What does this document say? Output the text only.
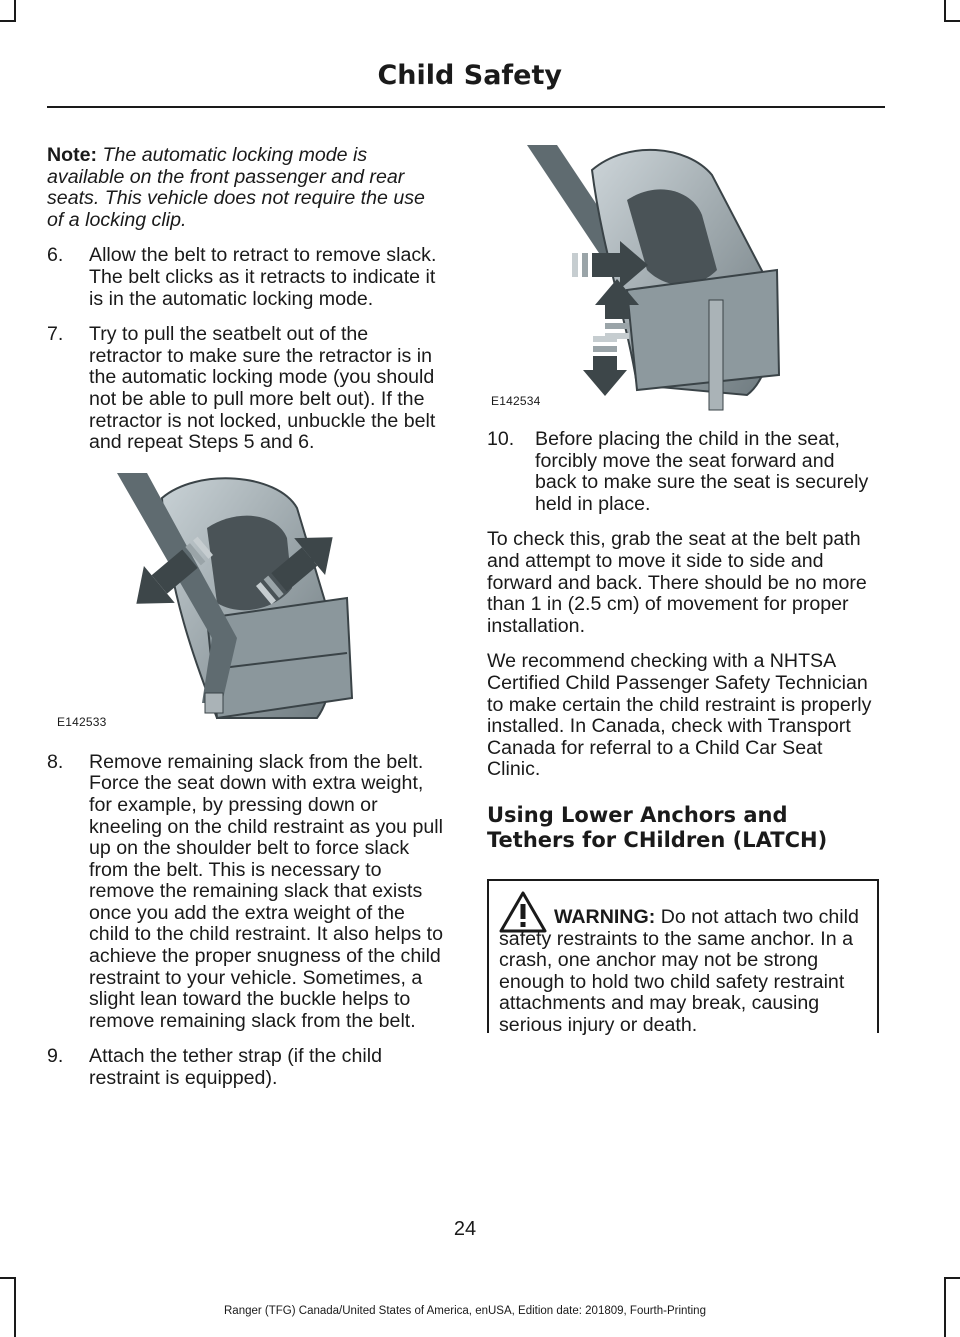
Child Safety

Note: The automatic locking mode is available on the front passenger and rear seats. This vehicle does not require the use of a locking clip.

6. Allow the belt to retract to remove slack. The belt clicks as it retracts to indicate it is in the automatic locking mode.
7. Try to pull the seatbelt out of the retractor to make sure the retractor is in the automatic locking mode (you should not be able to pull more belt out). If the retractor is not locked, unbuckle the belt and repeat Steps 5 and 6.
E142533
8. Remove remaining slack from the belt. Force the seat down with extra weight, for example, by pressing down or kneeling on the child restraint as you pull up on the shoulder belt to force slack from the belt. This is necessary to remove the remaining slack that exists once you add the extra weight of the child to the child restraint. It also helps to achieve the proper snugness of the child restraint to your vehicle. Sometimes, a slight lean toward the buckle helps to remove remaining slack from the belt.
9. Attach the tether strap (if the child restraint is equipped).
E142534
10. Before placing the child in the seat, forcibly move the seat forward and back to make sure the seat is securely held in place.

To check this, grab the seat at the belt path and attempt to move it side to side and forward and back. There should be no more than 1 in (2.5 cm) of movement for proper installation.

We recommend checking with a NHTSA Certified Child Passenger Safety Technician to make certain the child restraint is properly installed. In Canada, check with Transport Canada for referral to a Child Car Seat Clinic.

Using Lower Anchors and Tethers for CHildren (LATCH)

WARNING: Do not attach two child safety restraints to the same anchor. In a crash, one anchor may not be strong enough to hold two child safety restraint attachments and may break, causing serious injury or death.

24
Ranger (TFG) Canada/United States of America, enUSA, Edition date: 201809, Fourth-Printing
